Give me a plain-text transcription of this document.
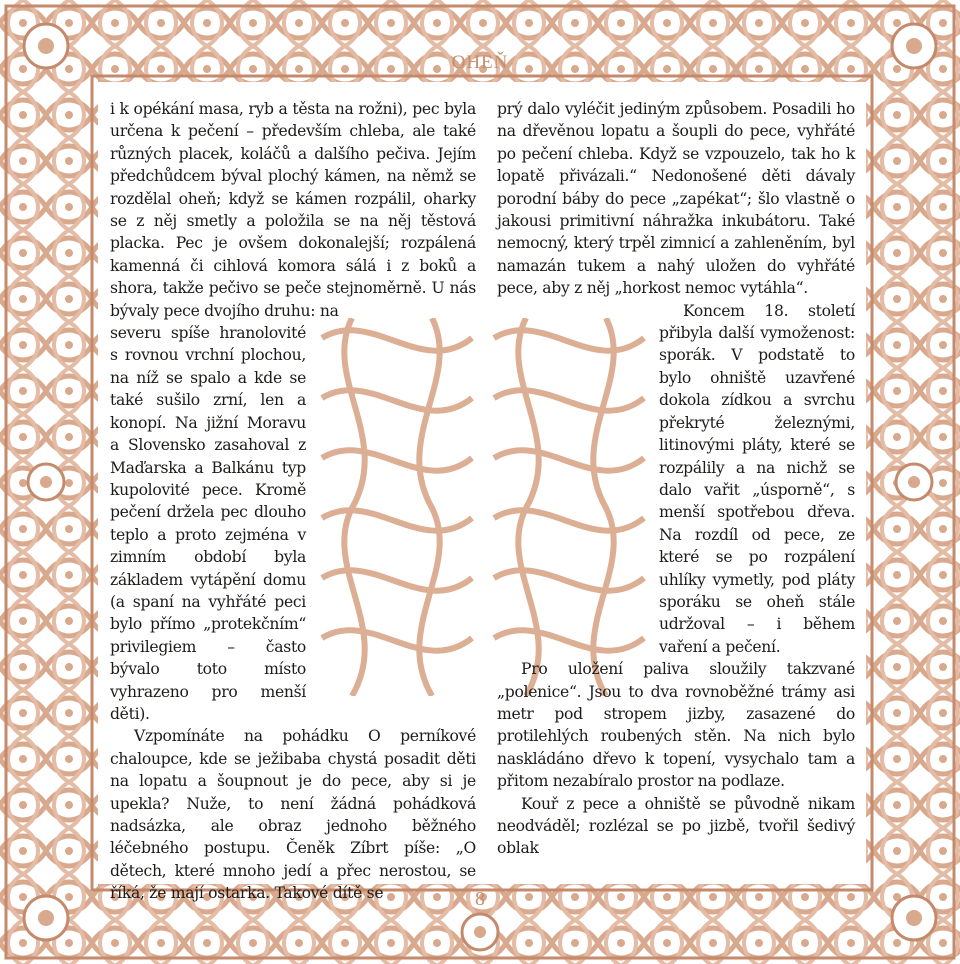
OHEŇ

i k opékání masa, ryb a těsta na rožni), pec byla určena k pečení – především chleba, ale také různých placek, koláčů a dalšího pečiva. Jejím předchůdcem býval plochý kámen, na němž se rozdělal oheň; když se kámen rozpálil, oharky se z něj smetly a položila se na něj těstová placka. Pec je ovšem dokonalejší; rozpálená kamenná či cihlová komora sálá i z boků a shora, takže pečivo se peče stejnoměrně. U nás bývaly pece dvojího druhu: na

severu spíše hranolovité s rovnou vrchní plochou, na níž se spalo a kde se také sušilo zrní, len a konopí. Na jižní Moravu a Slovensko zasahoval z Maďarska a Balkánu typ kupolovité pece. Kromě pečení držela pec dlouho teplo a proto zejména v zimním období byla základem vytápění domu (a spaní na vyhřáté peci bylo přímo „protekčním“ privilegiem – často bývalo toto místo vyhrazeno pro menší děti).

Vzpomínáte na pohádku O perníkové chaloupce, kde se ježibaba chystá posadit děti na lopatu a šoupnout je do pece, aby si je upekla? Nuže, to není žádná pohádková nadsázka, ale obraz jednoho běžného léčebného postupu. Čeněk Zíbrt píše: „O dětech, které mnoho jedí a přec nerostou, se říká, že mají ostarka. Takové dítě se

prý dalo vyléčit jediným způsobem. Posadili ho na dřevěnou lopatu a šoupli do pece, vyhřáté po pečení chleba. Když se vzpouzelo, tak ho k lopatě přivázali.“ Nedonošené děti dávaly porodní báby do pece „zapékat“; šlo vlastně o jakousi primitivní náhražka inkubátoru. Také nemocný, který trpěl zimnicí a zahleněním, byl namazán tukem a nahý uložen do vyhřáté pece, aby z něj „horkost nemoc vytáhla“.

Koncem 18. století přibyla další vymoženost: sporák. V podstatě to bylo ohniště uzavřené dokola zídkou a svrchu překryté železnými, litinovými pláty, které se rozpálily a na nichž se dalo vařit „úsporně“, s menší spotřebou dřeva. Na rozdíl od pece, ze které se po rozpálení uhlíky vymetly, pod pláty sporáku se oheň stále udržoval – i během vaření a pečení.

Pro uložení paliva sloužily takzvané „polenice“. Jsou to dva rovnoběžné trámy asi metr pod stropem jizby, zasazené do protilehlých roubených stěn. Na nich bylo naskládáno dřevo k topení, vysychalo tam a přitom nezabíralo prostor na podlaze.

Kouř z pece a ohniště se původně nikam neodváděl; rozlézal se po jizbě, tvořil šedivý oblak

8
